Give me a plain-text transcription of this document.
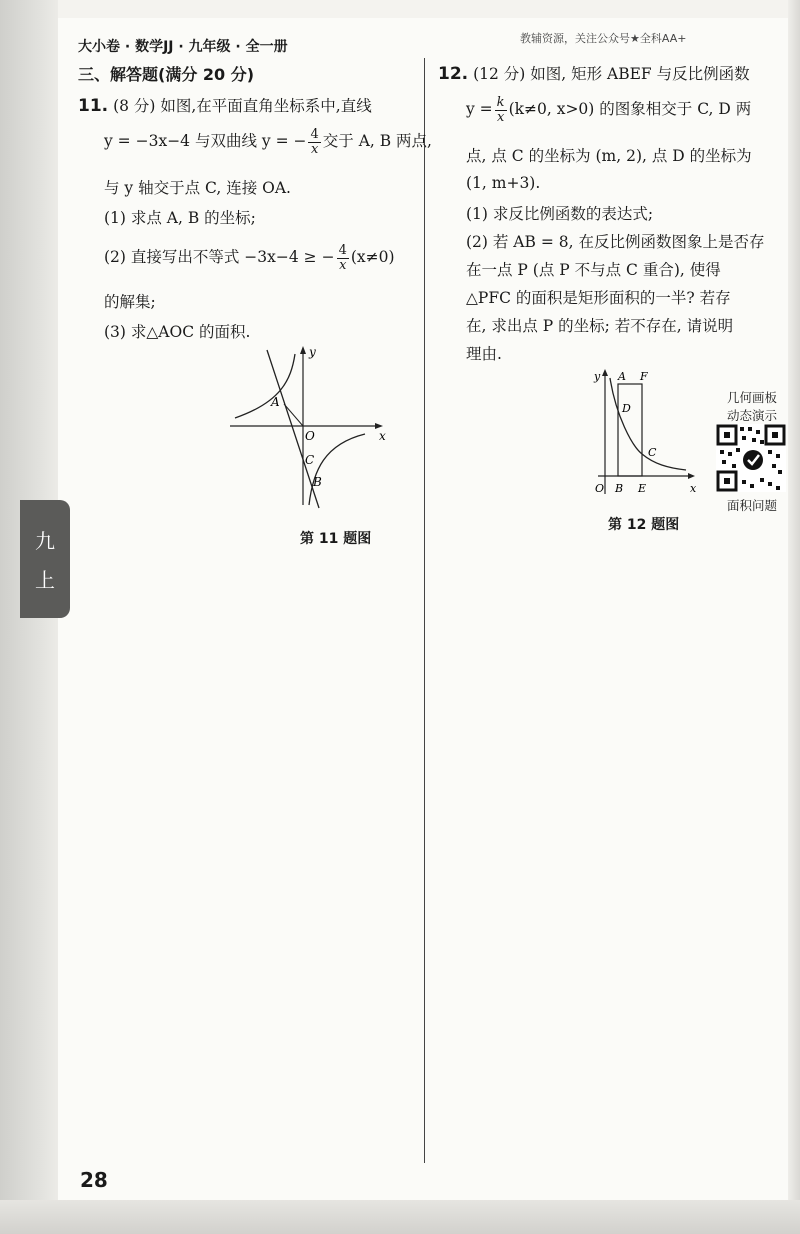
大小卷 · 数学JJ · 九年级 · 全一册
教辅资源，关注公众号★全科AA+
九
上
三、解答题(满分 20 分)
11. (8 分) 如图,在平面直角坐标系中,直线
y = −3x−4 与双曲线 y = − $\frac{4}{x}$ 交于 A, B 两点,
与 y 轴交于点 C, 连接 OA.
(1) 求点 A, B 的坐标;
(2) 直接写出不等式 −3x−4 ≥ − $\frac{4}{x} (x\ne 0)$
的解集;
(3) 求△AOC 的面积.
y
x
A
O
C
B
第 11 题图
12. (12 分) 如图, 矩形 ABEF 与反比例函数
$y = \frac{k}{x} (k\ne 0$, x>0) 的图象相交于 C, D 两
点, 点 C 的坐标为 (m, 2), 点 D 的坐标为
(1, m+3).
(1) 求反比例函数的表达式;
(2) 若 AB = 8, 在反比例函数图象上是否存
在一点 P (点 P 不与点 C 重合), 使得
△PFC 的面积是矩形面积的一半? 若存
在, 求出点 P 的坐标; 若不存在, 请说明
理由.
y A F
D
C
O B E	x
第 12 题图
几何画板
动态演示
面积问题
28
